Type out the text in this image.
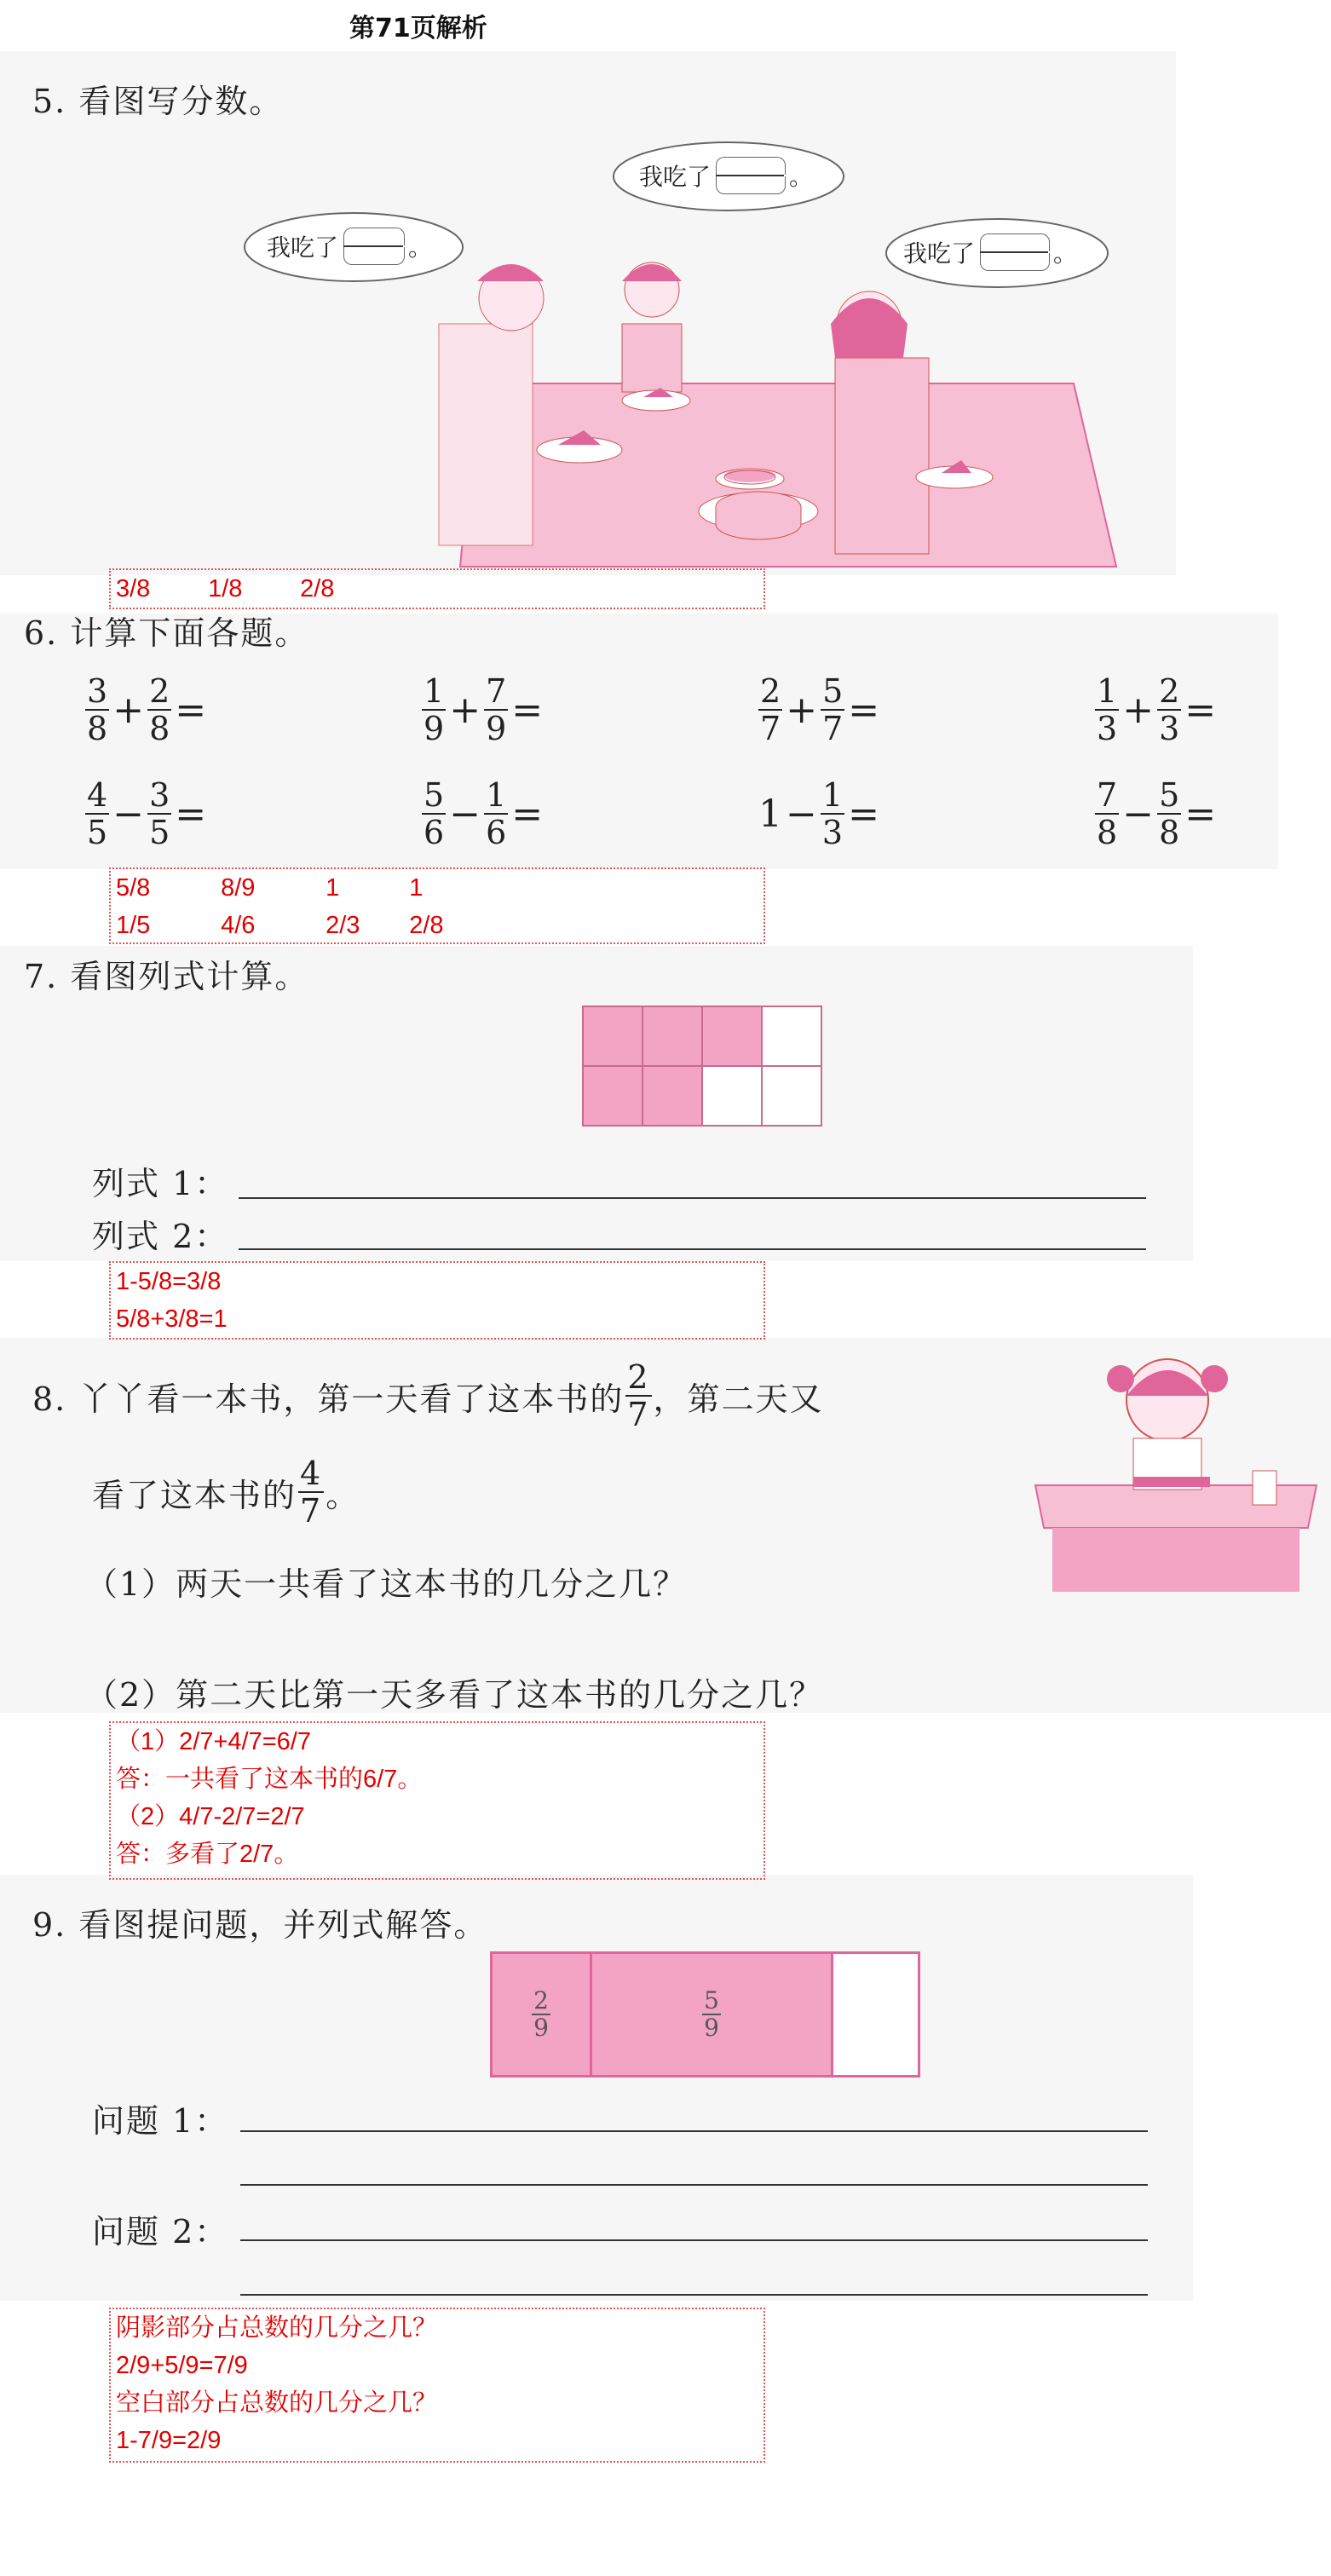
第71页解析
5. 看图写分数。
我吃了	。
我吃了	。
我吃了	。
3/8 1/8 2/8
6. 计算下面各题。
$\frac{3}{8} + \frac{2}{8}$ =	$\frac{1}{9} + \frac{7}{9}$ =	$\frac{2}{7} + \frac{5}{7}$ =	$\frac{1}{3} + \frac{2}{3}$ =
$\frac{4}{5} - \frac{3}{5}$ =	$\frac{5}{6} - \frac{1}{6}$ =	$1 - \frac{1}{3}$ =	$\frac{7}{8} - \frac{5}{8}$ =
5/8	8/9	1	1
1/5	4/6	2/3 2/8
7. 看图列式计算。
列式 1：
列式 2：
1-5/8=3/8
5/8+3/8=1
8. 丫丫看一本书，第一天看了这本书的 $\frac{2}{7}$ ，第二天又
看了这本书的 $\frac{4}{7}$ 。
（1）两天一共看了这本书的几分之几？
（2）第二天比第一天多看了这本书的几分之几？
（1）2/7+4/7=6/7
答：一共看了这本书的6/7。
（2）4/7-2/7=2/7
答：多看了2/7。
9. 看图提问题，并列式解答。
$\frac{2}{9}$	$\frac{5}{9}$
问题 1：
问题 2：
阴影部分占总数的几分之几？
2/9+5/9=7/9
空白部分占总数的几分之几？
1-7/9=2/9
